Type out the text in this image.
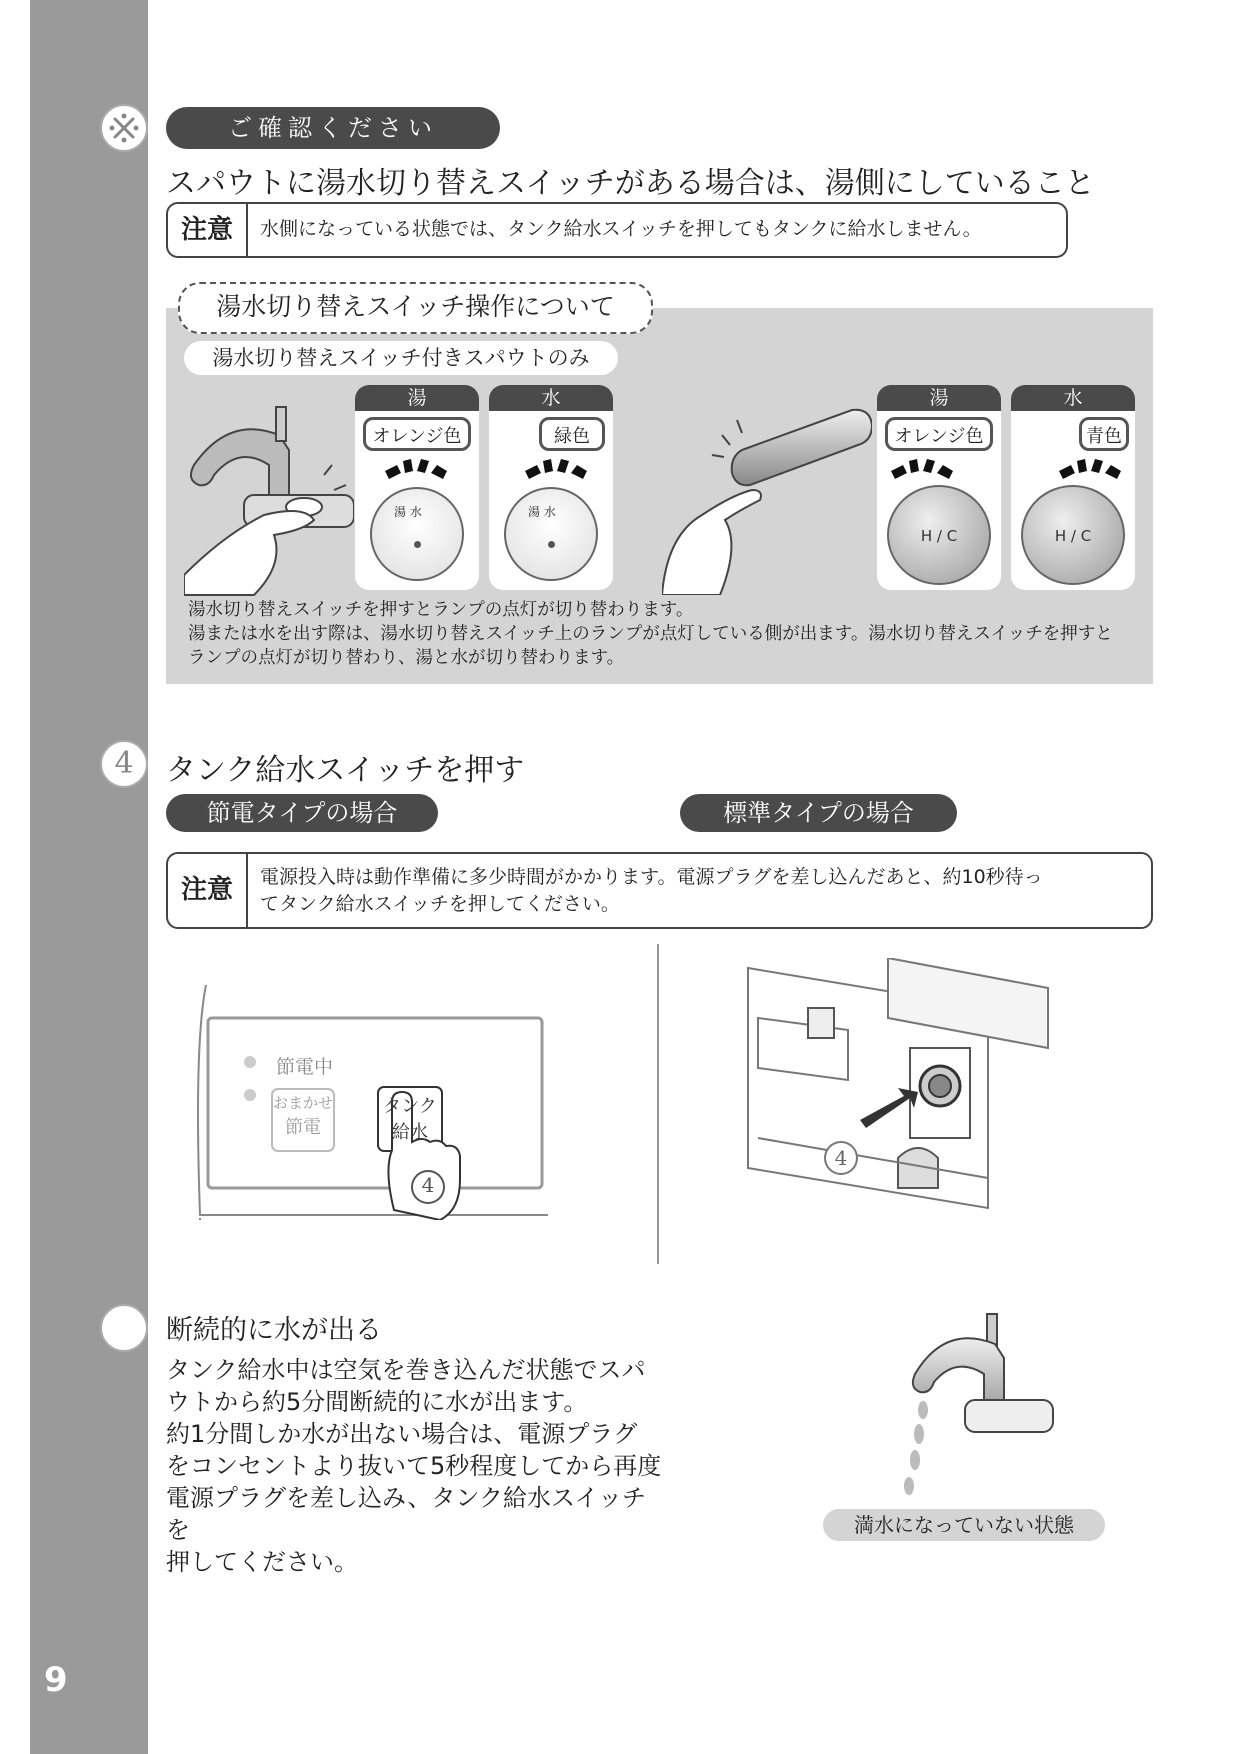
9
ご確認ください
スパウトに湯水切り替えスイッチがある場合は、湯側にしていること
注意	水側になっている状態では、タンク給水スイッチを押してもタンクに給水しません。
湯水切り替えスイッチ操作について
湯水切り替えスイッチ付きスパウトのみ
湯
オレンジ色
湯 水
水
緑色
湯 水
湯
オレンジ色
H / C
水
青色
H / C
湯水切り替えスイッチを押すとランプの点灯が切り替わります。
湯または水を出す際は、湯水切り替えスイッチ上のランプが点灯している側が出ます。湯水切り替えスイッチを押すと
ランプの点灯が切り替わり、湯と水が切り替わります。
4	タンク給水スイッチを押す
節電タイプの場合	標準タイプの場合
注意	電源投入時は動作準備に多少時間がかかります。電源プラグを差し込んだあと、約10秒待っ
てタンク給水スイッチを押してください。
節電中
おまかせ
節電
タンク
給水
4
4
断続的に水が出る
タンク給水中は空気を巻き込んだ状態でスパ
ウトから約5分間断続的に水が出ます。
約1分間しか水が出ない場合は、電源プラグ
をコンセントより抜いて5秒程度してから再度
電源プラグを差し込み、タンク給水スイッチを
押してください。
満水になっていない状態
